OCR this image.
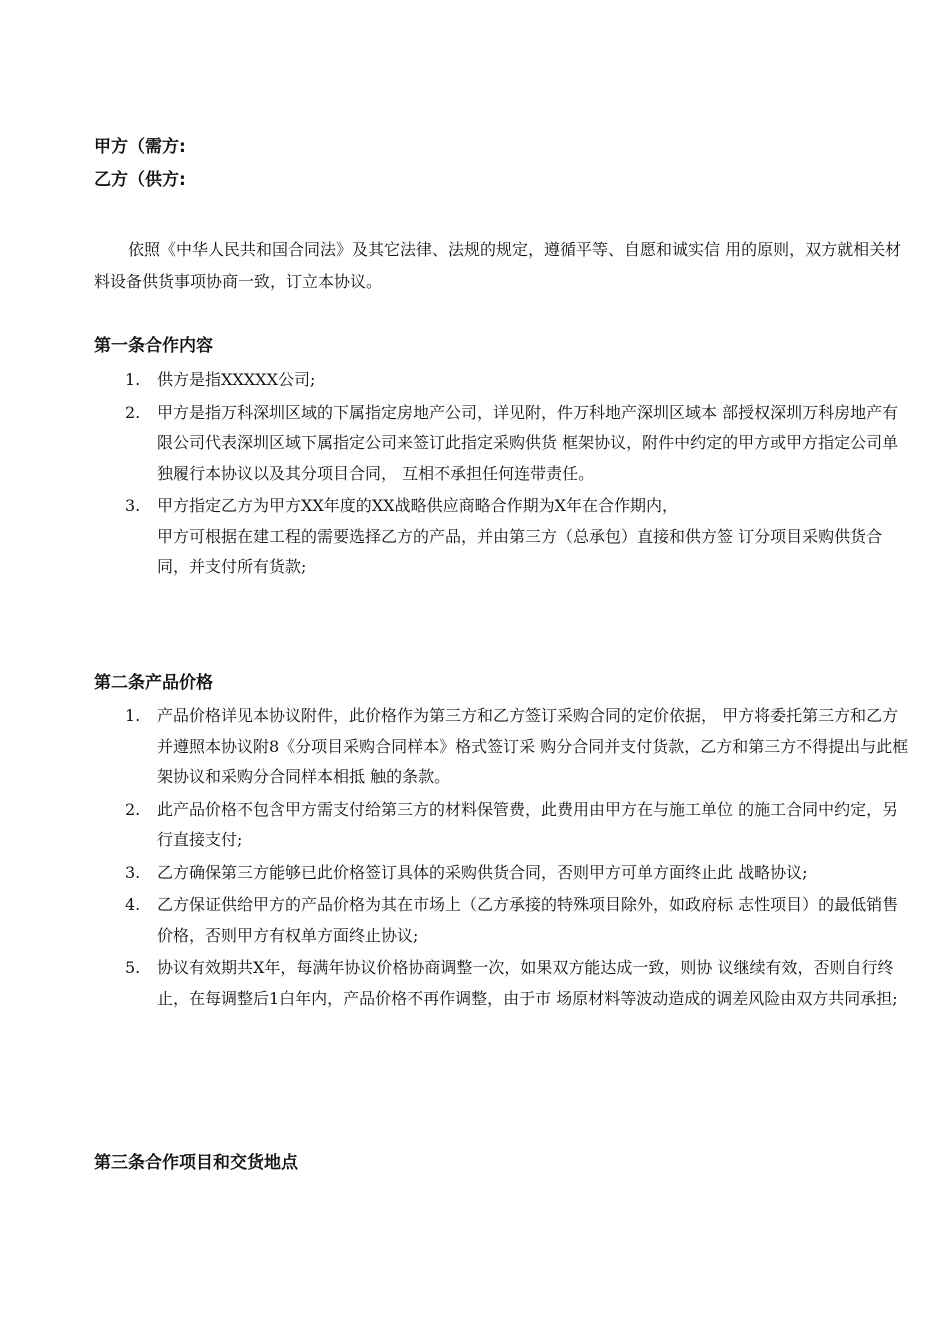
甲方（需方:
乙方（供方:

依照《中华人民共和国合同法》及其它法律、法规的规定，遵循平等、自愿和诚实信 用的原则，双方就相关材料设备供货事项协商一致，订立本协议。

第一条合作内容
1. 供方是指XXXXX公司;
2. 甲方是指万科深圳区域的下属指定房地产公司，详见附，件万科地产深圳区域本 部授权深圳万科房地产有限公司代表深圳区域下属指定公司来签订此指定采购供货 框架协议，附件中约定的甲方或甲方指定公司单独履行本协议以及其分项目合同， 互相不承担任何连带责任。
3. 甲方指定乙方为甲方XX年度的XX战略供应商略合作期为X年在合作期内，
甲方可根据在建工程的需要选择乙方的产品，并由第三方（总承包）直接和供方签 订分项目采购供货合同，并支付所有货款;
第二条产品价格
1. 产品价格详见本协议附件，此价格作为第三方和乙方签订采购合同的定价依据， 甲方将委托第三方和乙方并遵照本协议附8《分项目采购合同样本》格式签订采 购分合同并支付货款，乙方和第三方不得提出与此框架协议和采购分合同样本相抵 触的条款。
2. 此产品价格不包含甲方需支付给第三方的材料保管费，此费用由甲方在与施工单位 的施工合同中约定，另行直接支付;
3. 乙方确保第三方能够已此价格签订具体的采购供货合同，否则甲方可单方面终止此 战略协议;
4. 乙方保证供给甲方的产品价格为其在市场上（乙方承接的特殊项目除外，如政府标 志性项目）的最低销售价格，否则甲方有权单方面终止协议;
5. 协议有效期共X年，每满年协议价格协商调整一次，如果双方能达成一致，则协 议继续有效，否则自行终止，在每调整后1白年内，产品价格不再作调整，由于市 场原材料等波动造成的调差风险由双方共同承担;
第三条合作项目和交货地点
